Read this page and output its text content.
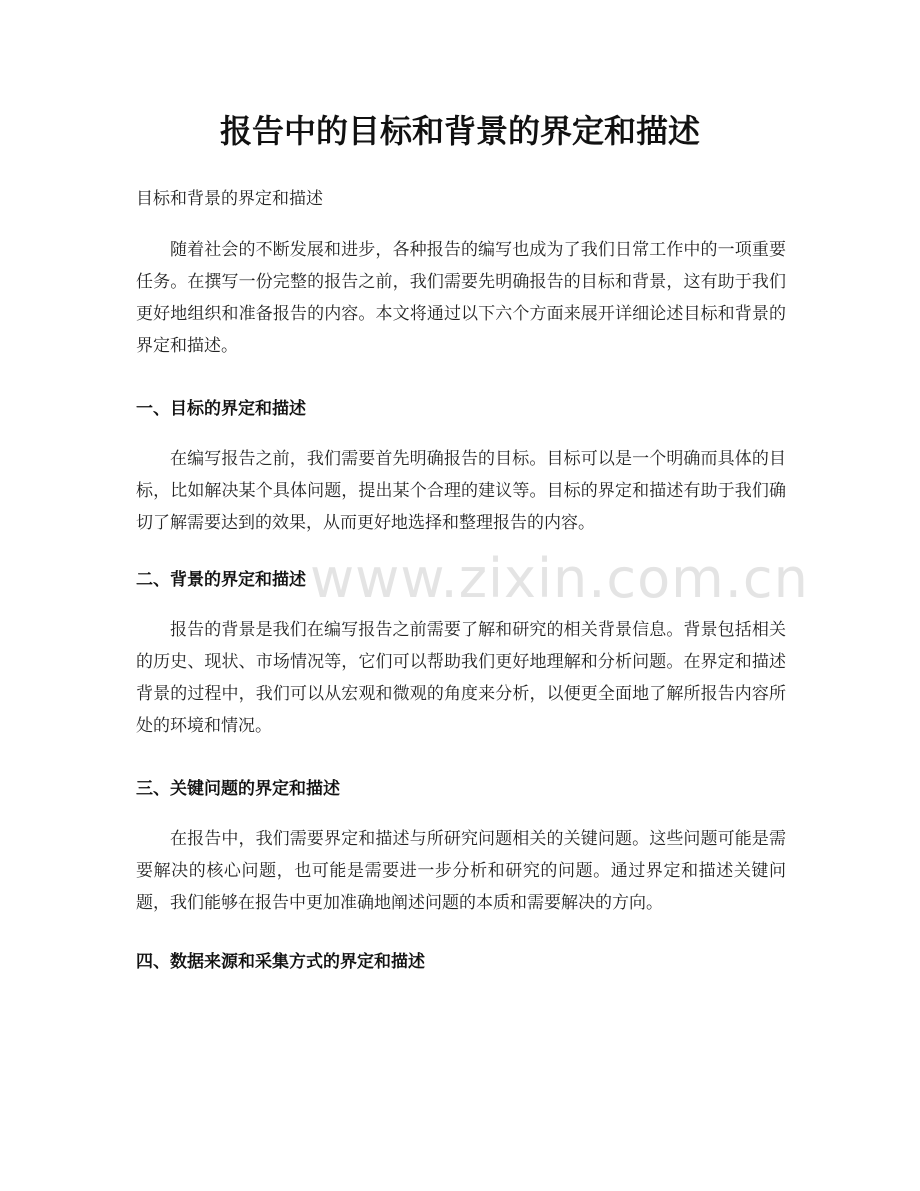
报告中的目标和背景的界定和描述

目标和背景的界定和描述

随着社会的不断发展和进步，各种报告的编写也成为了我们日常工作中的一项重要任务。在撰写一份完整的报告之前，我们需要先明确报告的目标和背景，这有助于我们更好地组织和准备报告的内容。本文将通过以下六个方面来展开详细论述目标和背景的界定和描述。

一、目标的界定和描述

在编写报告之前，我们需要首先明确报告的目标。目标可以是一个明确而具体的目标，比如解决某个具体问题，提出某个合理的建议等。目标的界定和描述有助于我们确切了解需要达到的效果，从而更好地选择和整理报告的内容。

二、背景的界定和描述

报告的背景是我们在编写报告之前需要了解和研究的相关背景信息。背景包括相关的历史、现状、市场情况等，它们可以帮助我们更好地理解和分析问题。在界定和描述背景的过程中，我们可以从宏观和微观的角度来分析，以便更全面地了解所报告内容所处的环境和情况。

三、关键问题的界定和描述

在报告中，我们需要界定和描述与所研究问题相关的关键问题。这些问题可能是需要解决的核心问题，也可能是需要进一步分析和研究的问题。通过界定和描述关键问题，我们能够在报告中更加准确地阐述问题的本质和需要解决的方向。

四、数据来源和采集方式的界定和描述

www.zixin.com.cn
